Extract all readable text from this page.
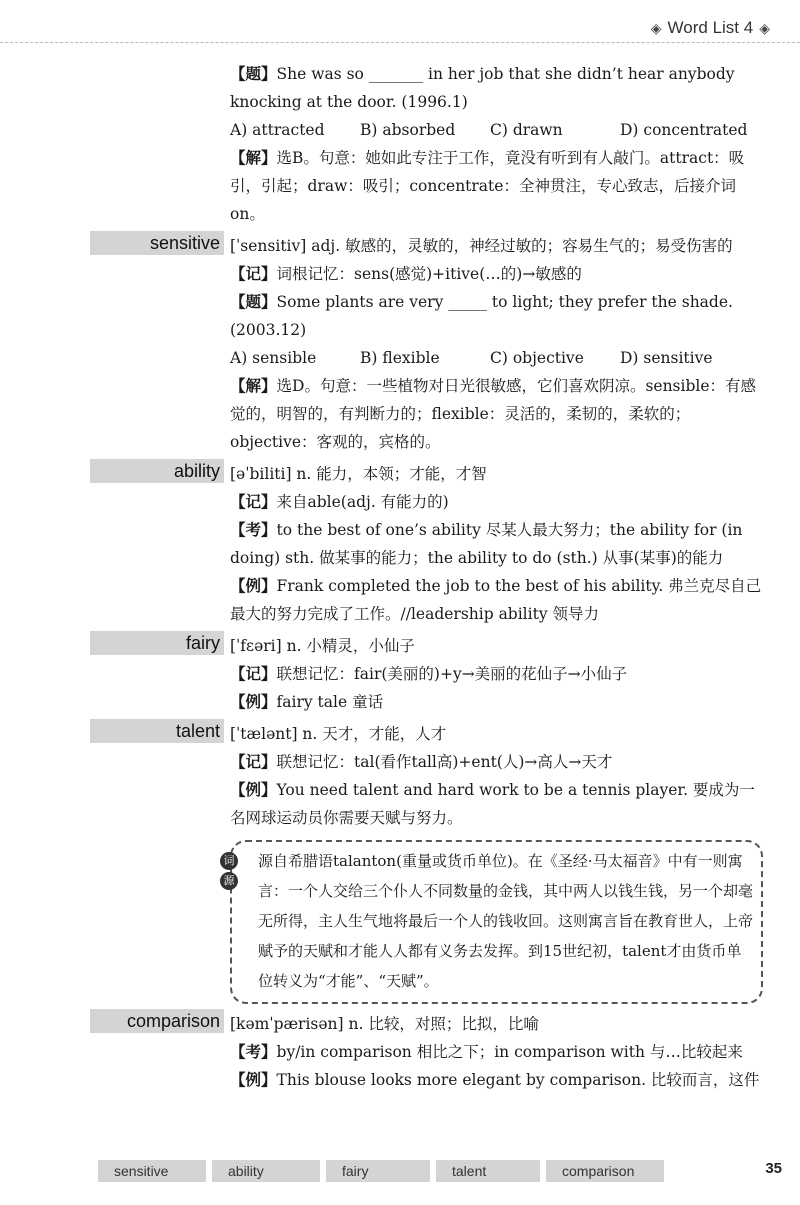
◈ Word List 4 ◈

【题】She was so _______ in her job that she didn’t hear anybody knocking at the door. (1996.1)

A) attracted	B) absorbed	C) drawn	D) concentrated

【解】选B。句意：她如此专注于工作，竟没有听到有人敲门。attract：吸引，引起；draw：吸引；concentrate：全神贯注，专心致志，后接介词on。

sensitive [ˈsensitiv] adj. 敏感的，灵敏的，神经过敏的；容易生气的；易受伤害的

【记】词根记忆：sens(感觉)+itive(…的)→敏感的

【题】Some plants are very _____ to light; they prefer the shade. (2003.12)

A) sensible	B) flexible	C) objective	D) sensitive

【解】选D。句意：一些植物对日光很敏感，它们喜欢阴凉。sensible：有感觉的，明智的，有判断力的；flexible：灵活的，柔韧的，柔软的；objective：客观的，宾格的。

ability [əˈbiliti] n. 能力，本领；才能，才智

【记】来自able(adj. 有能力的)

【考】to the best of one’s ability 尽某人最大努力；the ability for (in doing) sth. 做某事的能力；the ability to do (sth.) 从事(某事)的能力

【例】Frank completed the job to the best of his ability. 弗兰克尽自己最大的努力完成了工作。//leadership ability 领导力

fairy [ˈfɛəri] n. 小精灵，小仙子

【记】联想记忆：fair(美丽的)+y→美丽的花仙子→小仙子

【例】fairy tale 童话

talent [ˈtælənt] n. 天才，才能，人才

【记】联想记忆：tal(看作tall高)+ent(人)→高人→天才

【例】You need talent and hard work to be a tennis player. 要成为一名网球运动员你需要天赋与努力。

词
源
源自希腊语talanton(重量或货币单位)。在《圣经·马太福音》中有一则寓言：一个人交给三个仆人不同数量的金钱，其中两人以钱生钱，另一个却毫无所得，主人生气地将最后一个人的钱收回。这则寓言旨在教育世人，上帝赋予的天赋和才能人人都有义务去发挥。到15世纪初，talent才由货币单位转义为“才能”、“天赋”。
comparison [kəmˈpærisən] n. 比较，对照；比拟，比喻

【考】by/in comparison 相比之下；in comparison with 与…比较起来

【例】This blouse looks more elegant by comparison. 比较而言，这件

sensitive	ability	fairy	talent	comparison	35
